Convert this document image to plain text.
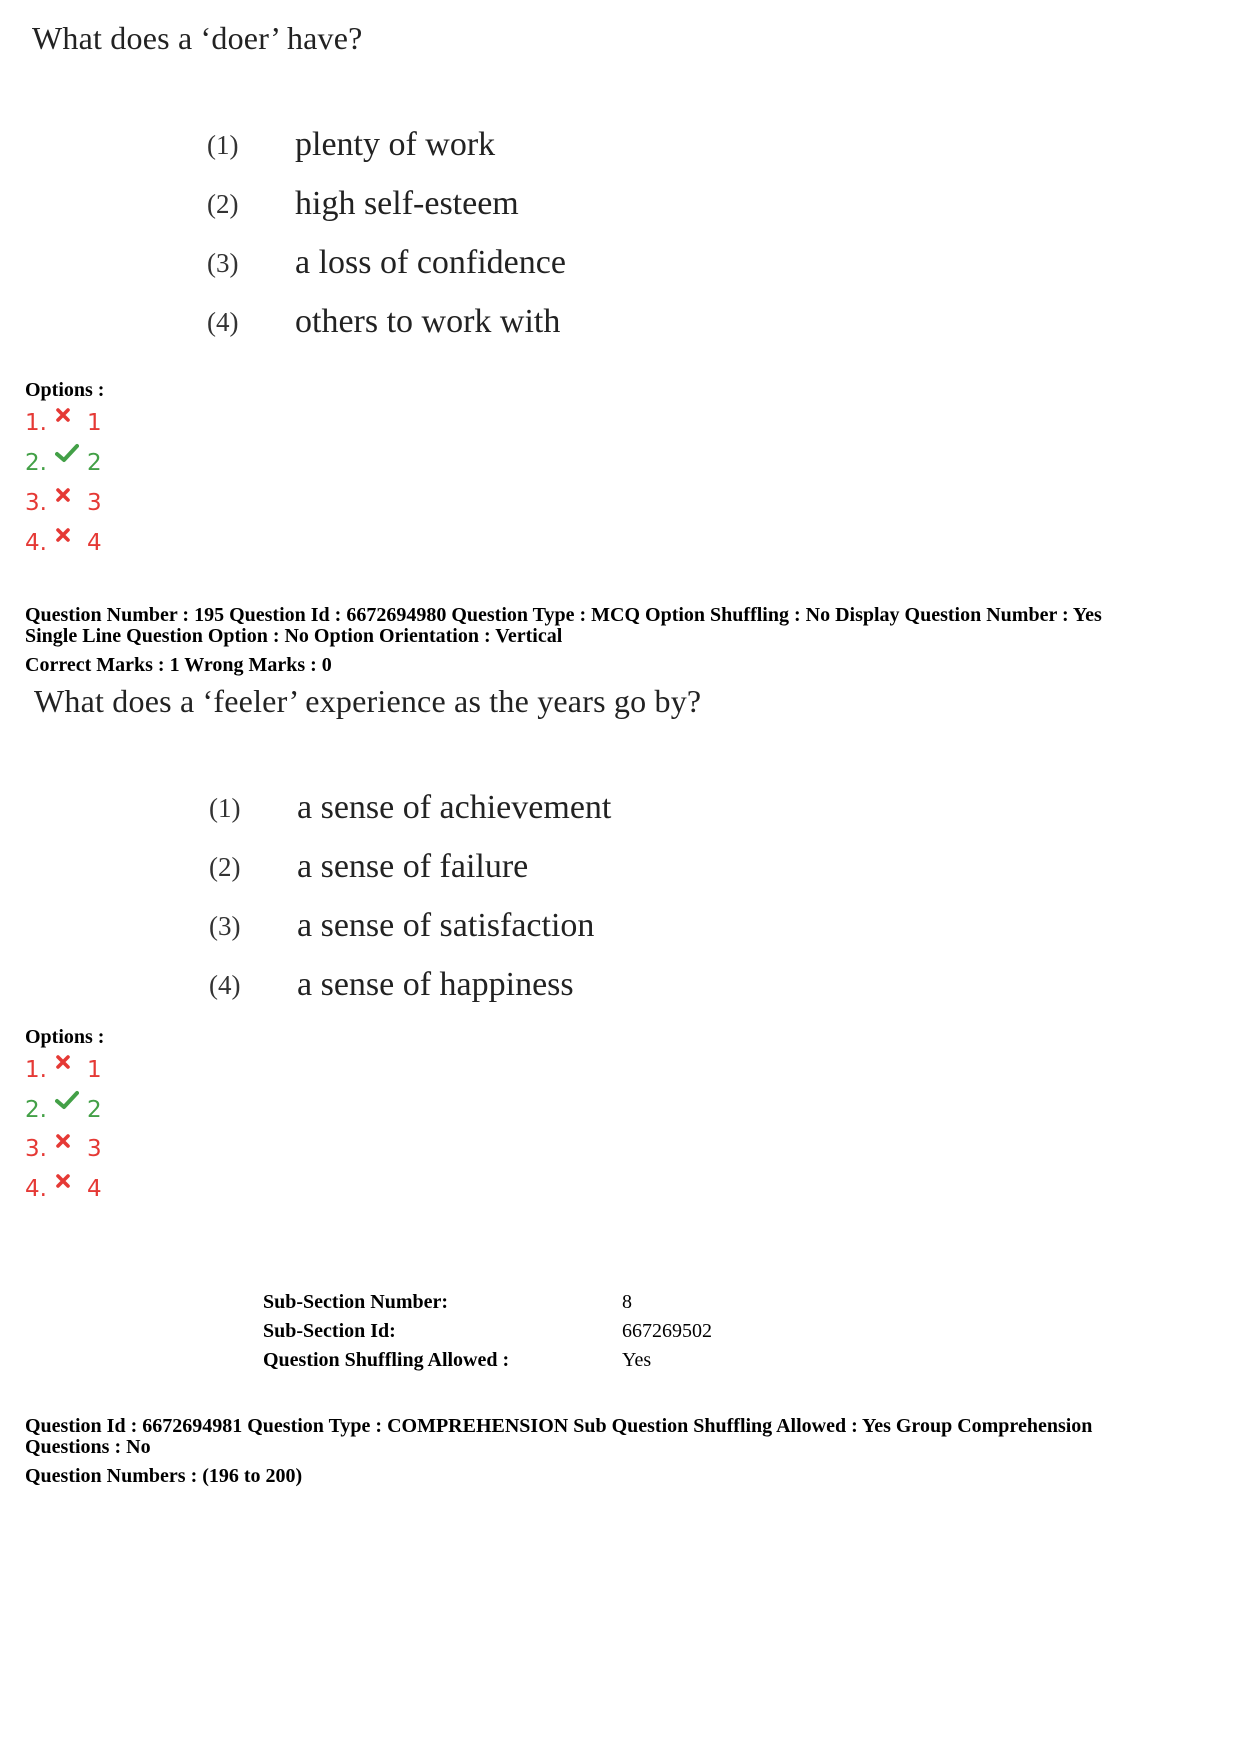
What does a ‘doer’ have?
(1) plenty of work
(2) high self-esteem
(3) a loss of confidence
(4) others to work with
Options :
1. 1
2. 2
3. 3
4. 4
Question Number : 195 Question Id : 6672694980 Question Type : MCQ Option Shuffling : No Display Question Number : Yes
Single Line Question Option : No Option Orientation : Vertical
Correct Marks : 1 Wrong Marks : 0
What does a ‘feeler’ experience as the years go by?
(1) a sense of achievement
(2) a sense of failure
(3) a sense of satisfaction
(4) a sense of happiness
Options :
1. 1
2. 2
3. 3
4. 4
Sub-Section Number:	8
Sub-Section Id:	667269502
Question Shuffling Allowed :	Yes
Question Id : 6672694981 Question Type : COMPREHENSION Sub Question Shuffling Allowed : Yes Group Comprehension
Questions : No
Question Numbers : (196 to 200)
